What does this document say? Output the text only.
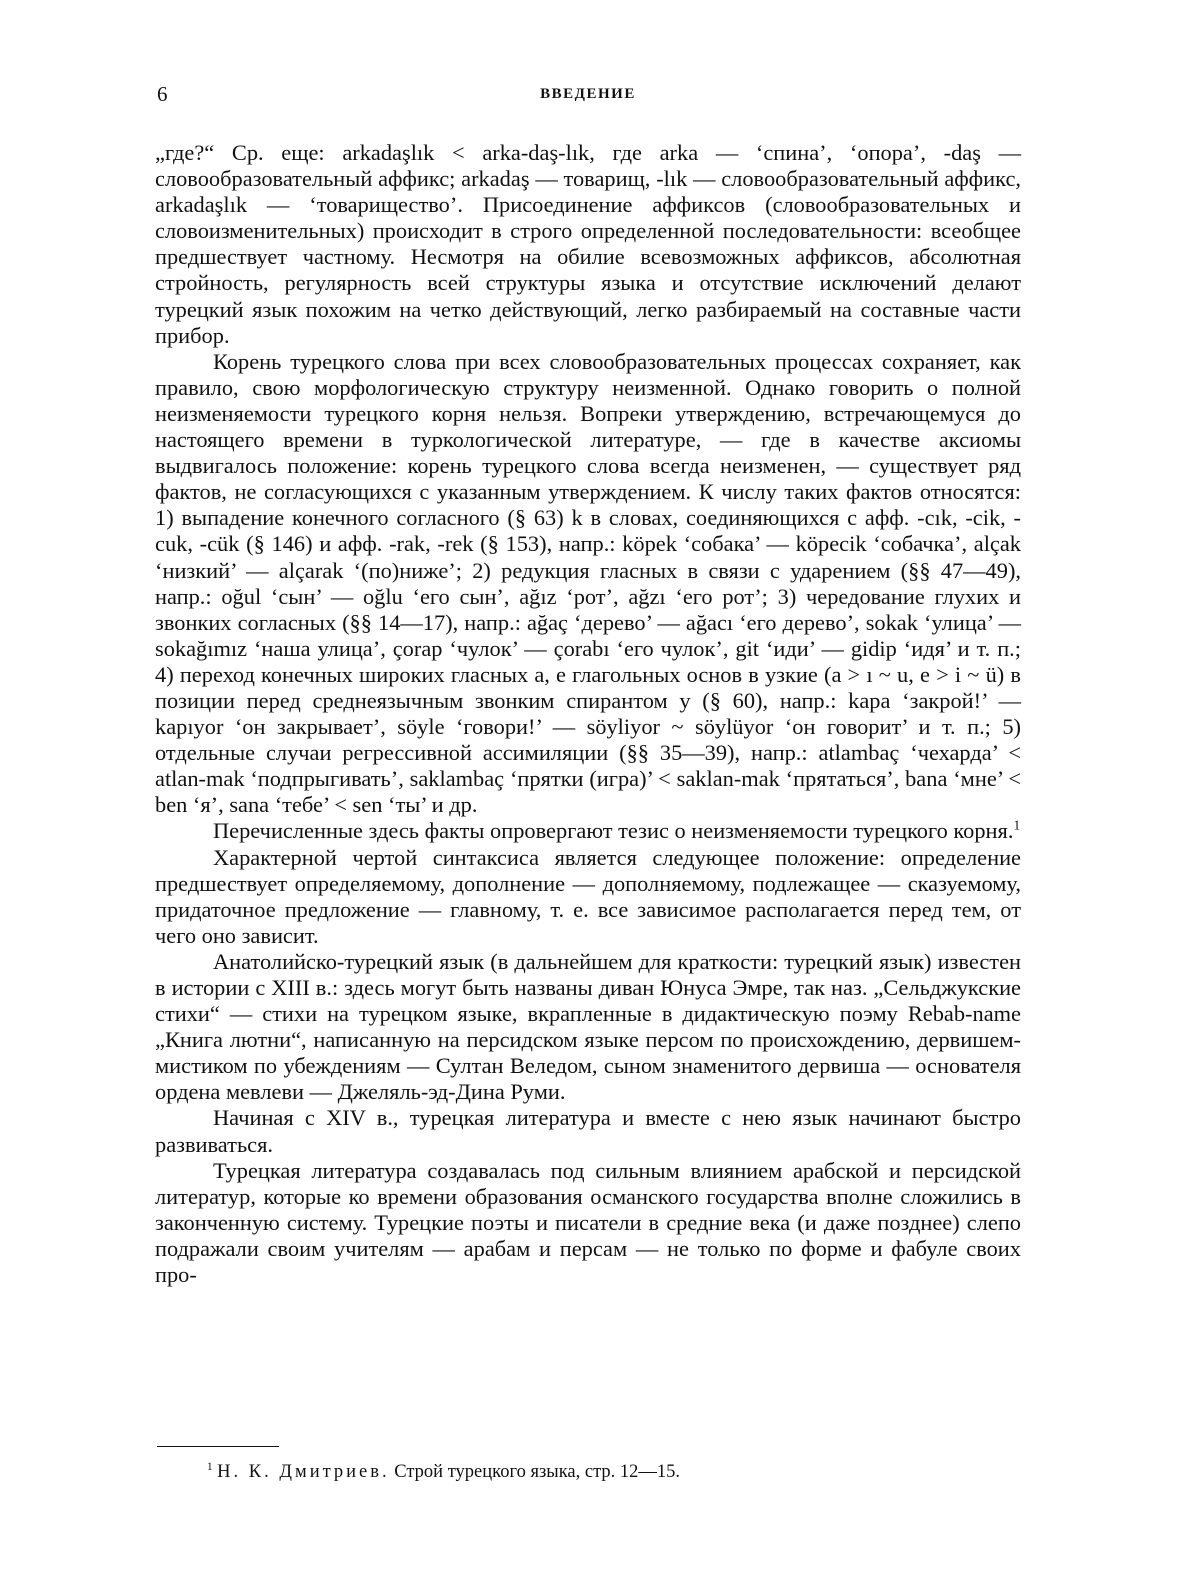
6	ВВЕДЕНИЕ

„где?“ Ср. еще: arkadaşlık < arka-daş-lık, где arka — ‘спина’, ‘опора’, -daş — словообразовательный аффикс; arkadaş — товарищ, -lık — словообразовательный аффикс, arkadaşlık — ‘товарищество’. Присоединение аффиксов (словообразовательных и словоизменительных) происходит в строго определенной последовательности: всеобщее предшествует частному. Несмотря на обилие всевозможных аффиксов, абсолютная стройность, регулярность всей структуры языка и отсутствие исключений делают турецкий язык похожим на четко действующий, легко разбираемый на составные части прибор.

Корень турецкого слова при всех словообразовательных процессах сохраняет, как правило, свою морфологическую структуру неизменной. Однако говорить о полной неизменяемости турецкого корня нельзя. Вопреки утверждению, встречающемуся до настоящего времени в туркологической литературе, — где в качестве аксиомы выдвигалось положение: корень турецкого слова всегда неизменен, — существует ряд фактов, не согласующихся с указанным утверждением. К числу таких фактов относятся: 1) выпадение конечного согласного (§ 63) k в словах, соединяющихся с афф. -cık, -cik, -cuk, -cük (§ 146) и афф. -rak, -rek (§ 153), напр.: köpek ‘собака’ — köpecik ‘собачка’, alçak ‘низкий’ — alçarak ‘(по)ниже’; 2) редукция гласных в связи с ударением (§§ 47—49), напр.: oğul ‘сын’ — oğlu ‘его сын’, ağız ‘рот’, ağzı ‘его рот’; 3) чередование глухих и звонких согласных (§§ 14—17), напр.: ağaç ‘дерево’ — ağacı ‘его дерево’, sokak ‘улица’ — sokağımız ‘наша улица’, çorap ‘чулок’ — çorabı ‘его чулок’, git ‘иди’ — gidip ‘идя’ и т. п.; 4) переход конечных широких гласных a, e глагольных основ в узкие (a > ı ~ u, e > i ~ ü) в позиции перед среднеязычным звонким спирантом y (§ 60), напр.: kapa ‘закрой!’ — kapıyor ‘он закрывает’, söyle ‘говори!’ — söyliyor ~ söylüyor ‘он говорит’ и т. п.; 5) отдельные случаи регрессивной ассимиляции (§§ 35—39), напр.: atlambaç ‘чехарда’ < atlan-mak ‘подпрыгивать’, saklambaç ‘прятки (игра)’ < saklan-mak ‘прятаться’, bana ‘мне’ < ben ‘я’, sana ‘тебе’ < sen ‘ты’ и др.

Перечисленные здесь факты опровергают тезис о неизменяемости турецкого корня.$^1$

Характерной чертой синтаксиса является следующее положение: определение предшествует определяемому, дополнение — дополняемому, подлежащее — сказуемому, придаточное предложение — главному, т. е. все зависимое располагается перед тем, от чего оно зависит.

Анатолийско-турецкий язык (в дальнейшем для краткости: турецкий язык) известен в истории с XIII в.: здесь могут быть названы диван Юнуса Эмре, так наз. „Сельджукские стихи“ — стихи на турецком языке, вкрапленные в дидактическую поэму Rebab-name „Книга лютни“, написанную на персидском языке персом по происхождению, дервишем-мистиком по убеждениям — Султан Веледом, сыном знаменитого дервиша — основателя ордена мевлеви — Джеляль-эд-Дина Руми.

Начиная с XIV в., турецкая литература и вместе с нею язык начинают быстро развиваться.

Турецкая литература создавалась под сильным влиянием арабской и персидской литератур, которые ко времени образования османского государства вполне сложились в законченную систему. Турецкие поэты и писатели в средние века (и даже позднее) слепо подражали своим учителям — арабам и персам — не только по форме и фабуле своих про-

$^1$ Н. К. Дмитриев. Строй турецкого языка, стр. 12—15.
